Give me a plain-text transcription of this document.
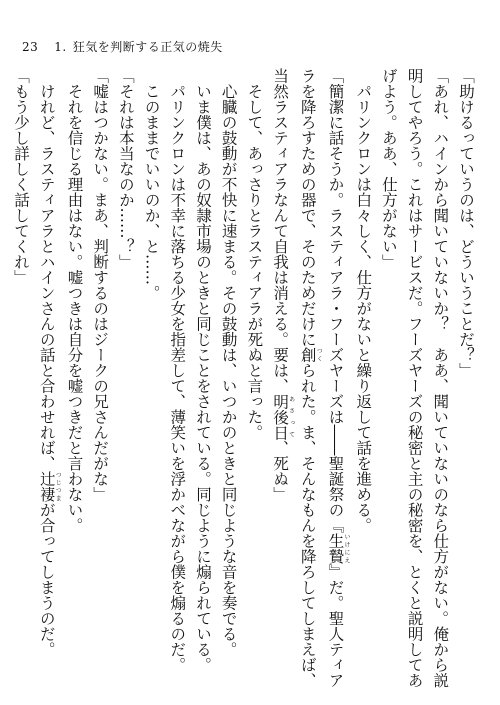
23 1. 狂気を判断する正気の焼失
「助けるっていうのは、どういうことだ？」
「あれ、ハインから聞いていないか？　ああ、聞いていないのなら仕方がない。俺から説
明してやろう。これはサービスだ。フーズヤーズの秘密と主の秘密を、とくと説明してあ
げよう。ああ、仕方がない」
　パリンクロンは白々しく、仕方がないと繰り返して話を進める。
「簡潔に話そうか。ラスティアラ・フーズヤーズは――聖誕祭の『生贄いけにえ』だ。聖人ティア
ラを降ろすための器で、そのためだけに創つくられた。ま、そんなもんを降ろしてしまえば、
当然ラスティアラなんて自我は消える。要は、明後日あさって、死ぬ」
　そして、あっさりとラスティアラが死ぬと言った。
　心臓の鼓動が不快に速まる。その鼓動は、いつかのときと同じような音を奏でる。
　いま僕は、あの奴隷市場のときと同じことをされている。同じように煽られている。
　パリンクロンは不幸に落ちる少女を指差して、薄笑いを浮かべながら僕を煽るのだ。
　このままでいいのか、と……。
「それは本当なのか……？」
「嘘はつかない。まあ、判断するのはジークの兄さんだがな」
　それを信じる理由はない。嘘つきは自分を嘘つきだと言わない。
　けれど、ラスティアラとハインさんの話と合わせれば、辻褄つじつまが合ってしまうのだ。
「もう少し詳しく話してくれ」
